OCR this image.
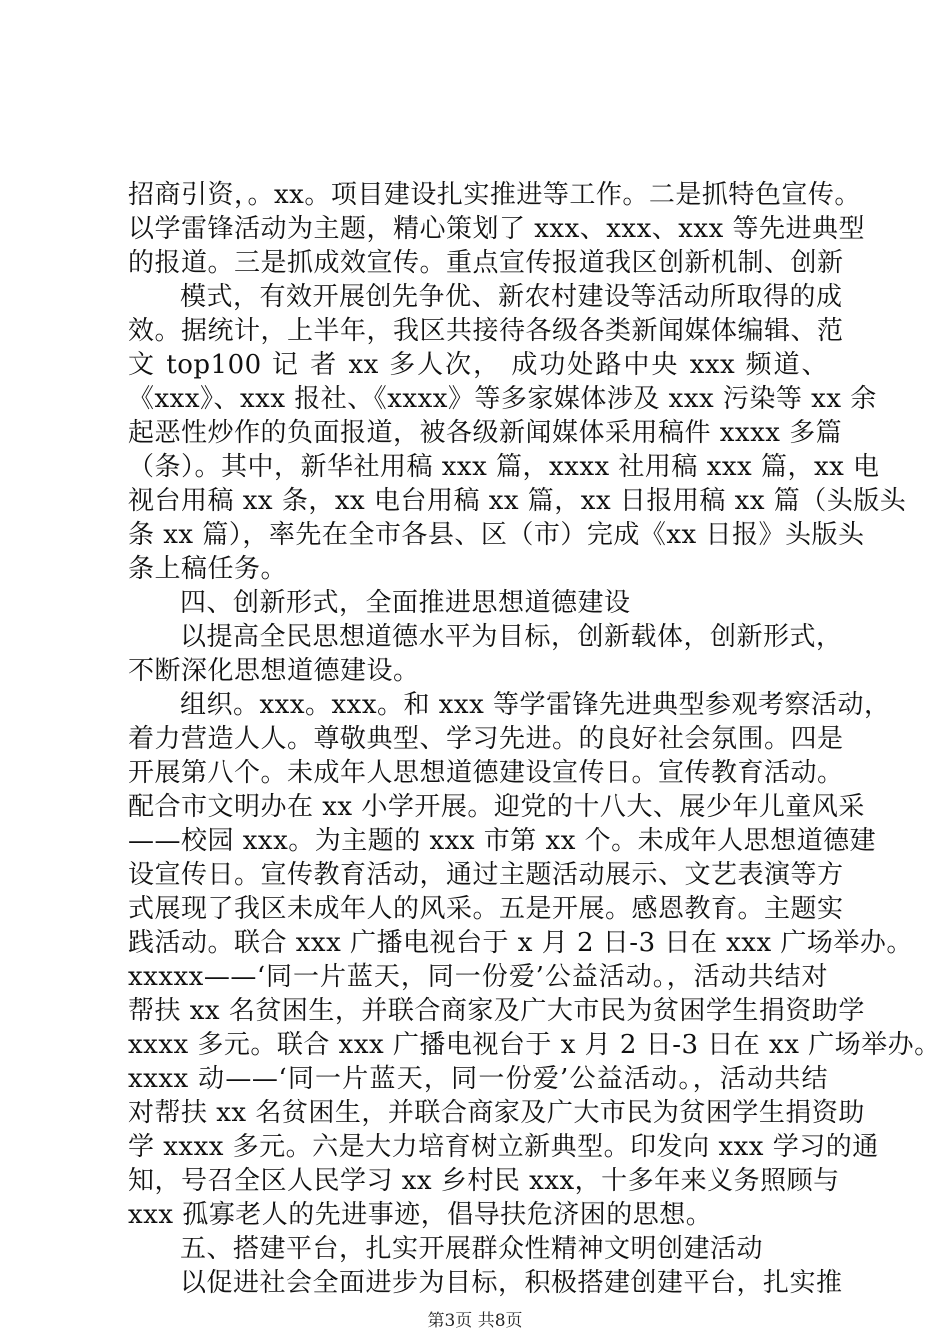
招商引资，。xx。项目建设扎实推进等工作。二是抓特色宣传。
以学雷锋活动为主题，精心策划了 xxx、xxx、xxx 等先进典型
的报道。三是抓成效宣传。重点宣传报道我区创新机制、创新
模式，有效开展创先争优、新农村建设等活动所取得的成
效。据统计，上半年，我区共接待各级各类新闻媒体编辑、范
文 top100 记 者 xx 多人次， 成功处路中央 xxx 频道、
《xxx》、xxx 报社、《xxxx》等多家媒体涉及 xxx 污染等 xx 余
起恶性炒作的负面报道，被各级新闻媒体采用稿件 xxxx 多篇
（条）。其中，新华社用稿 xxx 篇，xxxx 社用稿 xxx 篇，xx 电
视台用稿 xx 条，xx 电台用稿 xx 篇，xx 日报用稿 xx 篇（头版头
条 xx 篇），率先在全市各县、区（市）完成《xx 日报》头版头
条上稿任务。
四、创新形式，全面推进思想道德建设
以提高全民思想道德水平为目标，创新载体，创新形式，
不断深化思想道德建设。
组织。xxx。xxx。和 xxx 等学雷锋先进典型参观考察活动，
着力营造人人。尊敬典型、学习先进。的良好社会氛围。四是
开展第八个。未成年人思想道德建设宣传日。宣传教育活动。
配合市文明办在 xx 小学开展。迎党的十八大、展少年儿童风采
——校园 xxx。为主题的 xxx 市第 xx 个。未成年人思想道德建
设宣传日。宣传教育活动，通过主题活动展示、文艺表演等方
式展现了我区未成年人的风采。五是开展。感恩教育。主题实
践活动。联合 xxx 广播电视台于 x 月 2 日-3 日在 xxx 广场举办。
xxxxx——‘同一片蓝天，同一份爱’公益活动。，活动共结对
帮扶 xx 名贫困生，并联合商家及广大市民为贫困学生捐资助学
xxxx 多元。联合 xxx 广播电视台于 x 月 2 日-3 日在 xx 广场举办。
xxxx 动——‘同一片蓝天，同一份爱’公益活动。，活动共结
对帮扶 xx 名贫困生，并联合商家及广大市民为贫困学生捐资助
学 xxxx 多元。六是大力培育树立新典型。印发向 xxx 学习的通
知，号召全区人民学习 xx 乡村民 xxx，十多年来义务照顾与
xxx 孤寡老人的先进事迹，倡导扶危济困的思想。
五、搭建平台，扎实开展群众性精神文明创建活动
以促进社会全面进步为目标，积极搭建创建平台，扎实推
第3页 共8页
